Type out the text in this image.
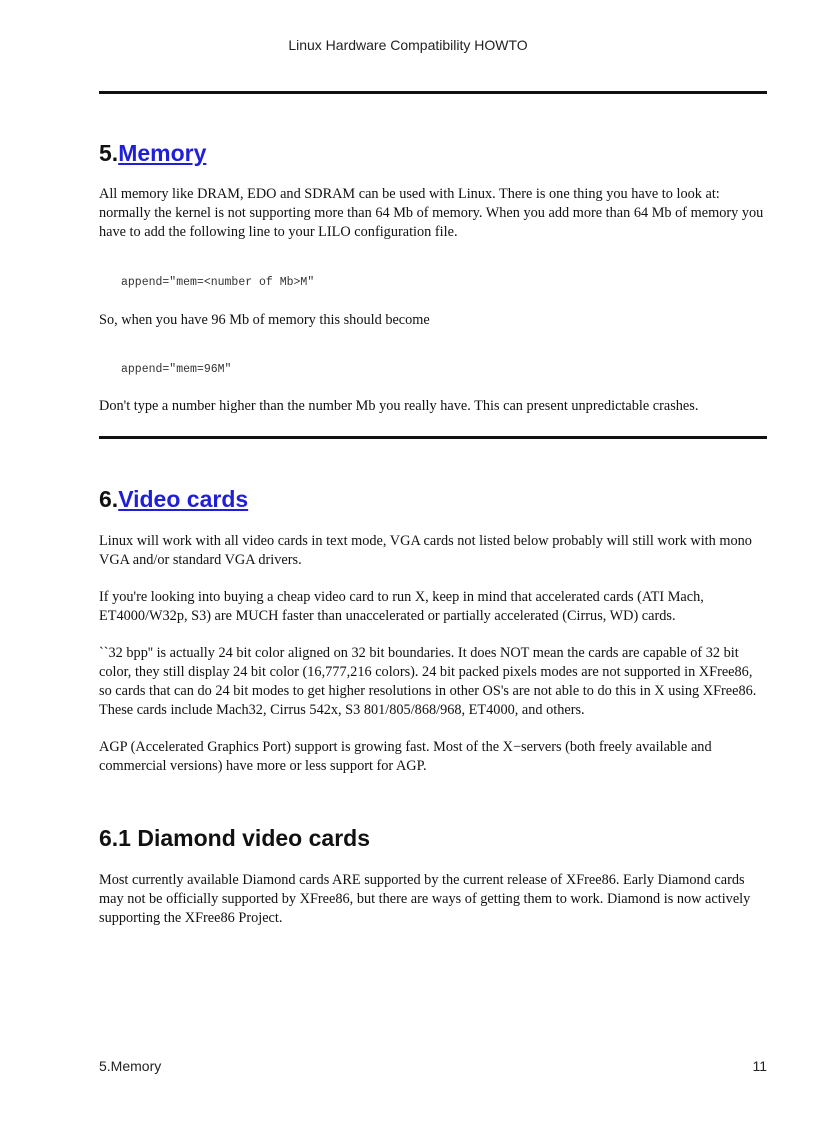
Linux Hardware Compatibility HOWTO
5.Memory

All memory like DRAM, EDO and SDRAM can be used with Linux. There is one thing you have to look at: normally the kernel is not supporting more than 64 Mb of memory. When you add more than 64 Mb of memory you have to add the following line to your LILO configuration file.

append="mem=<number of Mb>M"

So, when you have 96 Mb of memory this should become

append="mem=96M"

Don't type a number higher than the number Mb you really have. This can present unpredictable crashes.

6.Video cards

Linux will work with all video cards in text mode, VGA cards not listed below probably will still work with mono VGA and/or standard VGA drivers.

If you're looking into buying a cheap video card to run X, keep in mind that accelerated cards (ATI Mach, ET4000/W32p, S3) are MUCH faster than unaccelerated or partially accelerated (Cirrus, WD) cards.

``32 bpp'' is actually 24 bit color aligned on 32 bit boundaries. It does NOT mean the cards are capable of 32 bit color, they still display 24 bit color (16,777,216 colors). 24 bit packed pixels modes are not supported in XFree86, so cards that can do 24 bit modes to get higher resolutions in other OS's are not able to do this in X using XFree86. These cards include Mach32, Cirrus 542x, S3 801/805/868/968, ET4000, and others.

AGP (Accelerated Graphics Port) support is growing fast. Most of the X−servers (both freely available and commercial versions) have more or less support for AGP.

6.1 Diamond video cards

Most currently available Diamond cards ARE supported by the current release of XFree86. Early Diamond cards may not be officially supported by XFree86, but there are ways of getting them to work. Diamond is now actively supporting the XFree86 Project.

5.Memory	11
